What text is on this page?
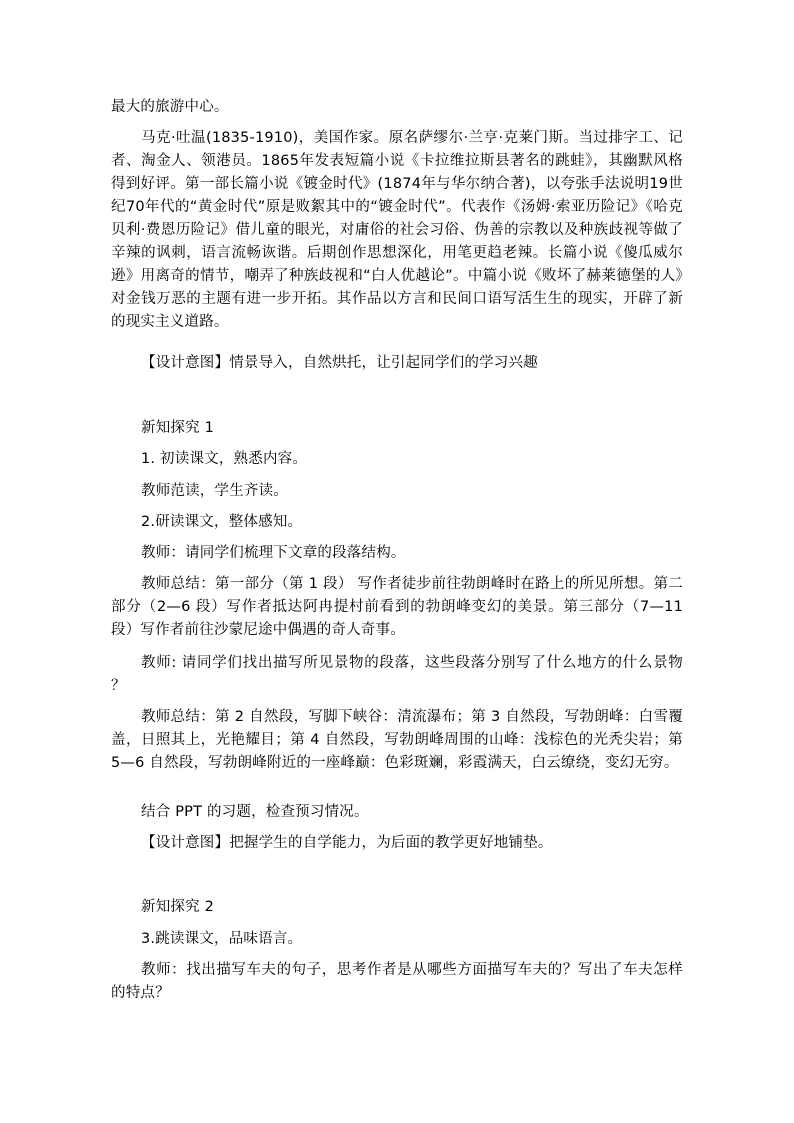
最大的旅游中心。

马克·吐温(1835-1910)，美国作家。原名萨缪尔·兰亨·克莱门斯。当过排字工、记者、淘金人、领港员。1865年发表短篇小说《卡拉维拉斯县著名的跳蛙》，其幽默风格得到好评。第一部长篇小说《镀金时代》(1874年与华尔纳合著)，以夸张手法说明19世纪70年代的“黄金时代”原是败絮其中的“镀金时代”。代表作《汤姆·索亚历险记》《哈克贝利·费恩历险记》借儿童的眼光，对庸俗的社会习俗、伪善的宗教以及种族歧视等做了辛辣的讽刺，语言流畅诙谐。后期创作思想深化，用笔更趋老辣。长篇小说《傻瓜威尔逊》用离奇的情节，嘲弄了种族歧视和“白人优越论”。中篇小说《败坏了赫莱德堡的人》对金钱万恶的主题有进一步开拓。其作品以方言和民间口语写活生生的现实，开辟了新的现实主义道路。

【设计意图】情景导入，自然烘托，让引起同学们的学习兴趣

新知探究 1

1. 初读课文，熟悉内容。

教师范读，学生齐读。

2.研读课文，整体感知。

教师：请同学们梳理下文章的段落结构。

教师总结：第一部分（第 1 段） 写作者徒步前往勃朗峰时在路上的所见所想。第二部分（2—6 段）写作者抵达阿冉提村前看到的勃朗峰变幻的美景。第三部分（7—11 段）写作者前往沙蒙尼途中偶遇的奇人奇事。

教师: 请同学们找出描写所见景物的段落，这些段落分别写了什么地方的什么景物 ？

教师总结：第 2 自然段，写脚下峡谷：清流瀑布；第 3 自然段，写勃朗峰：白雪覆盖，日照其上，光艳耀目；第 4 自然段，写勃朗峰周围的山峰：浅棕色的光秃尖岩；第 5—6 自然段，写勃朗峰附近的一座峰巅：色彩斑斓，彩霞满天，白云缭绕，变幻无穷。

结合 PPT 的习题，检查预习情况。

【设计意图】把握学生的自学能力，为后面的教学更好地铺垫。

新知探究 2

3.跳读课文，品味语言。

教师：找出描写车夫的句子，思考作者是从哪些方面描写车夫的？写出了车夫怎样的特点？
